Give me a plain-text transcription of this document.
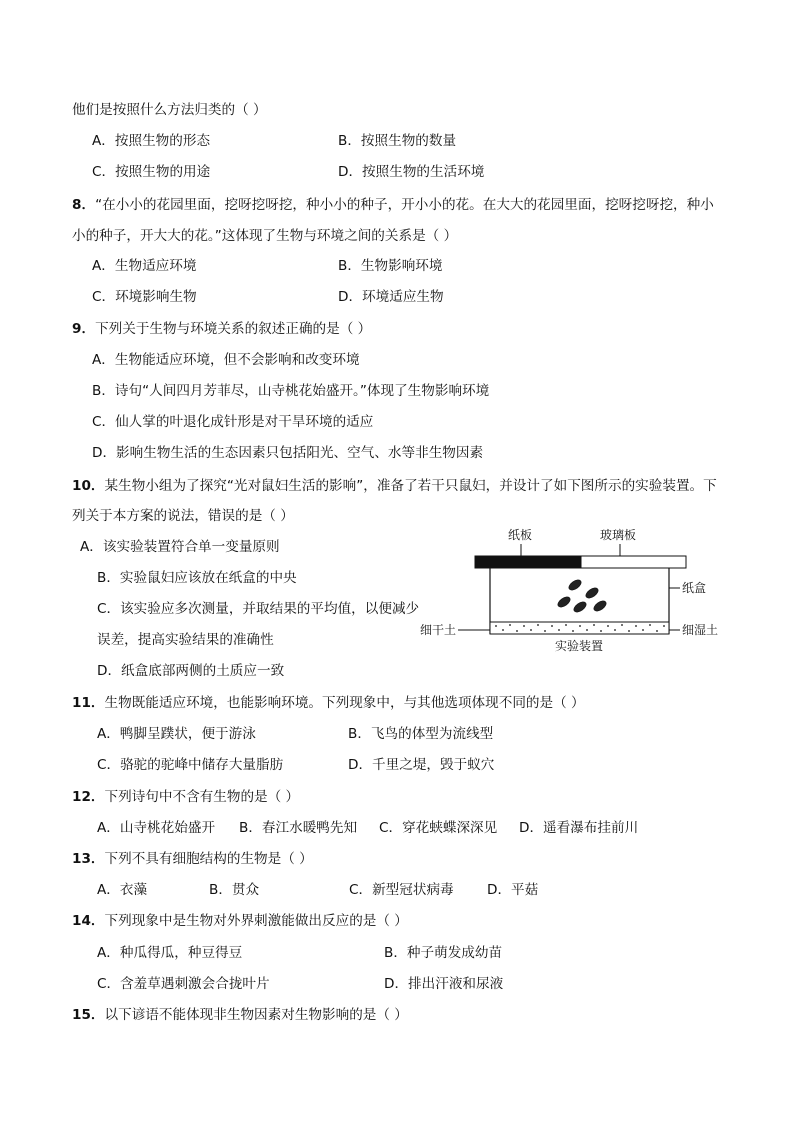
他们是按照什么方法归类的（ ）
A．按照生物的形态	B．按照生物的数量
C．按照生物的用途	D．按照生物的生活环境
8．“在小小的花园里面，挖呀挖呀挖，种小小的种子，开小小的花。在大大的花园里面，挖呀挖呀挖，种小
小的种子，开大大的花。”这体现了生物与环境之间的关系是（ ）
A．生物适应环境	B．生物影响环境
C．环境影响生物	D．环境适应生物
9．下列关于生物与环境关系的叙述正确的是（ ）
A．生物能适应环境，但不会影响和改变环境
B．诗句“人间四月芳菲尽，山寺桃花始盛开。”体现了生物影响环境
C．仙人掌的叶退化成针形是对干旱环境的适应
D．影响生物生活的生态因素只包括阳光、空气、水等非生物因素
10．某生物小组为了探究“光对鼠妇生活的影响”，准备了若干只鼠妇，并设计了如下图所示的实验装置。下
列关于本方案的说法，错误的是（ ）
A．该实验装置符合单一变量原则
B．实验鼠妇应该放在纸盒的中央
C．该实验应多次测量，并取结果的平均值，以便减少
误差，提高实验结果的准确性
D．纸盒底部两侧的土质应一致
纸板	玻璃板
纸盒
细干土	细湿土
实验装置
11．生物既能适应环境，也能影响环境。下列现象中，与其他选项体现不同的是（ ）
A．鸭脚呈蹼状，便于游泳	B．飞鸟的体型为流线型
C．骆驼的驼峰中储存大量脂肪	D．千里之堤，毁于蚁穴
12．下列诗句中不含有生物的是（ ）
A．山寺桃花始盛开 B．春江水暖鸭先知 C．穿花蛱蝶深深见 D．遥看瀑布挂前川
13．下列不具有细胞结构的生物是（ ）
A．衣藻	B．贯众	C．新型冠状病毒 D．平菇
14．下列现象中是生物对外界刺激能做出反应的是（ ）
A．种瓜得瓜，种豆得豆	B．种子萌发成幼苗
C．含羞草遇刺激会合拢叶片	D．排出汗液和尿液
15．以下谚语不能体现非生物因素对生物影响的是（ ）
